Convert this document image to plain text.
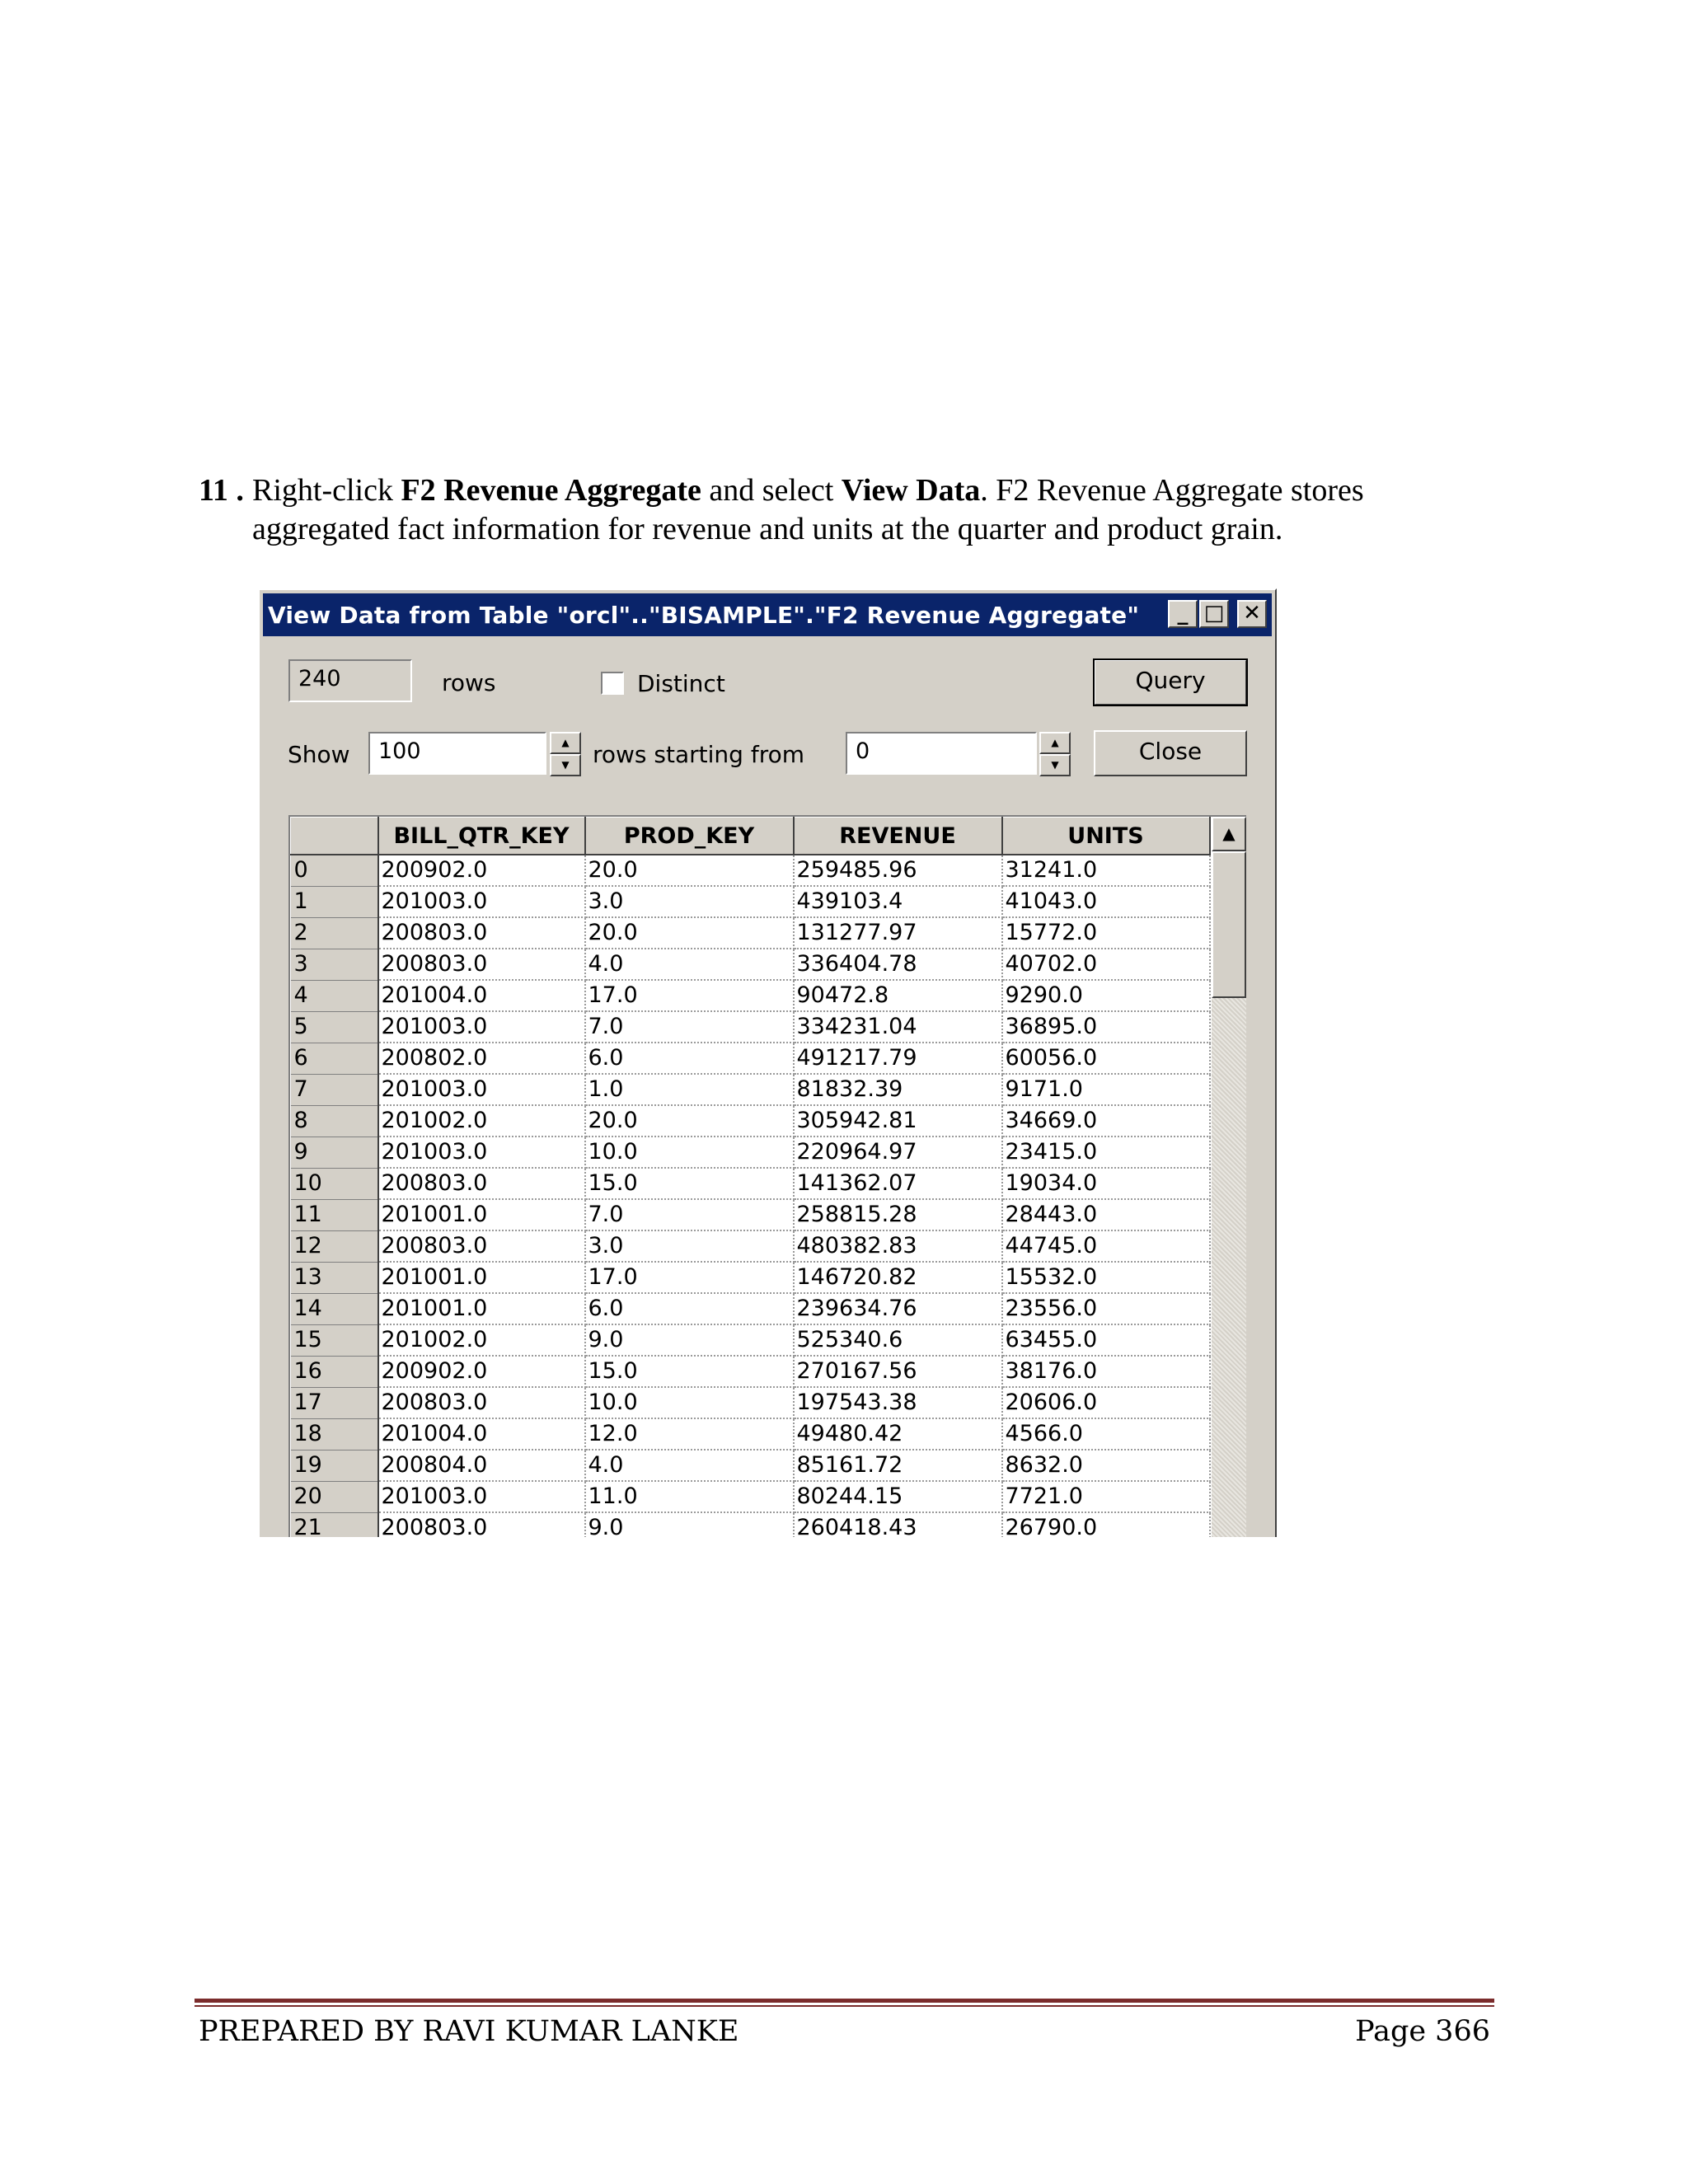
11 . Right-click F2 Revenue Aggregate and select View Data. F2 Revenue Aggregate stores aggregated fact information for revenue and units at the quarter and product grain.
View Data from Table "orcl".."BISAMPLE"."F2 Revenue Aggregate"	_ □ ✕
240	rows	Distinct	Query
Show	100	▲
▼	rows starting from	0	▲
▼	Close
	BILL_QTR_KEY	PROD_KEY	REVENUE	UNITS
0	200902.0	20.0	259485.96	31241.0
1	201003.0	3.0	439103.4	41043.0
2	200803.0	20.0	131277.97	15772.0
3	200803.0	4.0	336404.78	40702.0
4	201004.0	17.0	90472.8	9290.0
5	201003.0	7.0	334231.04	36895.0
6	200802.0	6.0	491217.79	60056.0
7	201003.0	1.0	81832.39	9171.0
8	201002.0	20.0	305942.81	34669.0
9	201003.0	10.0	220964.97	23415.0
10	200803.0	15.0	141362.07	19034.0
11	201001.0	7.0	258815.28	28443.0
12	200803.0	3.0	480382.83	44745.0
13	201001.0	17.0	146720.82	15532.0
14	201001.0	6.0	239634.76	23556.0
15	201002.0	9.0	525340.6	63455.0
16	200902.0	15.0	270167.56	38176.0
17	200803.0	10.0	197543.38	20606.0
18	201004.0	12.0	49480.42	4566.0
19	200804.0	4.0	85161.72	8632.0
20	201003.0	11.0	80244.15	7721.0
21	200803.0	9.0	260418.43	26790.0
▲
PREPARED BY RAVI KUMAR LANKE	Page 366
